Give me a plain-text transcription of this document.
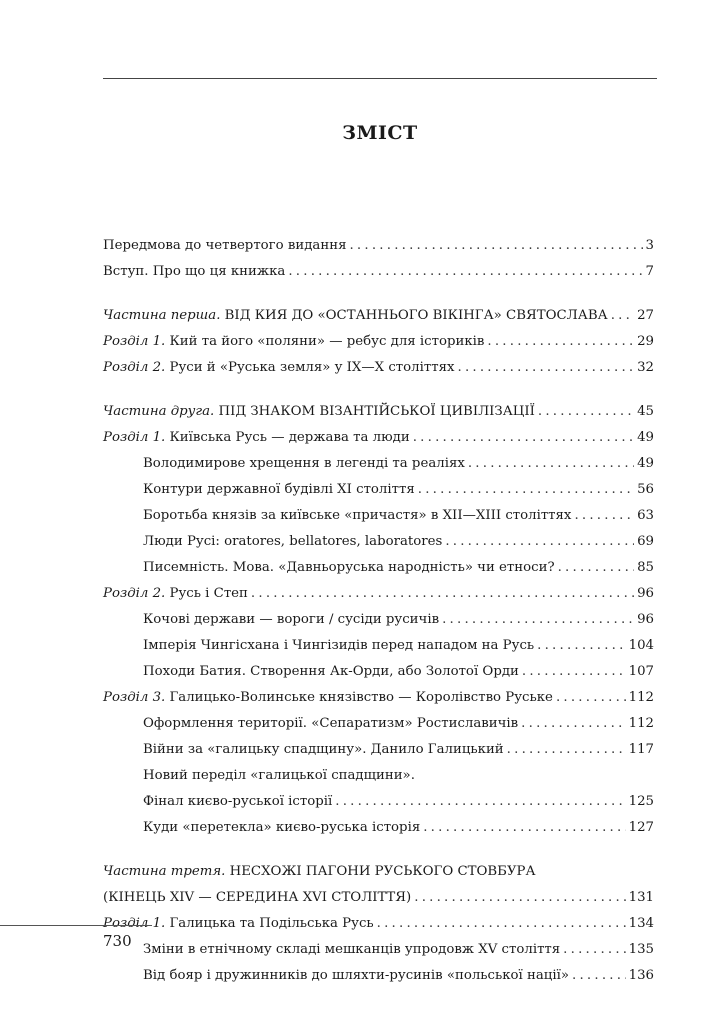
ЗМІСТ
Передмова до четвертого видання . . .	3
Вступ. Про що ця книжка . . .	7
Частина перша. ВІД КИЯ ДО «ОСТАННЬОГО ВІКІНГА» СВЯТОСЛАВА . . . 27
Розділ 1. Кий та його «поляни» — ребус для істориків . . .	29
Розділ 2. Руси й «Руська земля» у IX—X століттях . . .	32
Частина друга. ПІД ЗНАКОМ ВІЗАНТІЙСЬКОЇ ЦИВІЛІЗАЦІЇ . . .	45
Розділ 1. Київська Русь — держава та люди . . .	49
Володимирове хрещення в легенді та реаліях . . .	49
Контури державної будівлі XI століття . . .	56
Боротьба князів за київське «причастя» в XII—XIII століттях . . .	63
Люди Русі: oratores, bellatores, laboratores . . .	69
Писемність. Мова. «Давньоруська народність» чи етноси? . . .	85
Розділ 2. Русь і Степ . . .	96
Кочові держави — вороги / сусіди русичів . . .	96
Імперія Чингісхана і Чингізидів перед нападом на Русь . . .	104
Походи Батия. Створення Ак-Орди, або Золотої Орди . . .	107
Розділ 3. Галицько-Волинське князівство — Королівство Руське . . .	112
Оформлення території. «Сепаратизм» Ростиславичів . . .	112
Війни за «галицьку спадщину». Данило Галицький . . .	117
Новий переділ «галицької спадщини».
Фінал києво-руської історії . . .	125
Куди «перетекла» києво-руська історія . . .	127
Частина третя. НЕСХОЖІ ПАГОНИ РУСЬКОГО СТОВБУРА
(КІНЕЦЬ XIV — СЕРЕДИНА XVI СТОЛІТТЯ) . . .	131
Розділ 1. Галицька та Подільська Русь . . .	134
Зміни в етнічному складі мешканців упродовж XV століття . . .	135
Від бояр і дружинників до шляхти-русинів «польської нації» . . .	136
730
